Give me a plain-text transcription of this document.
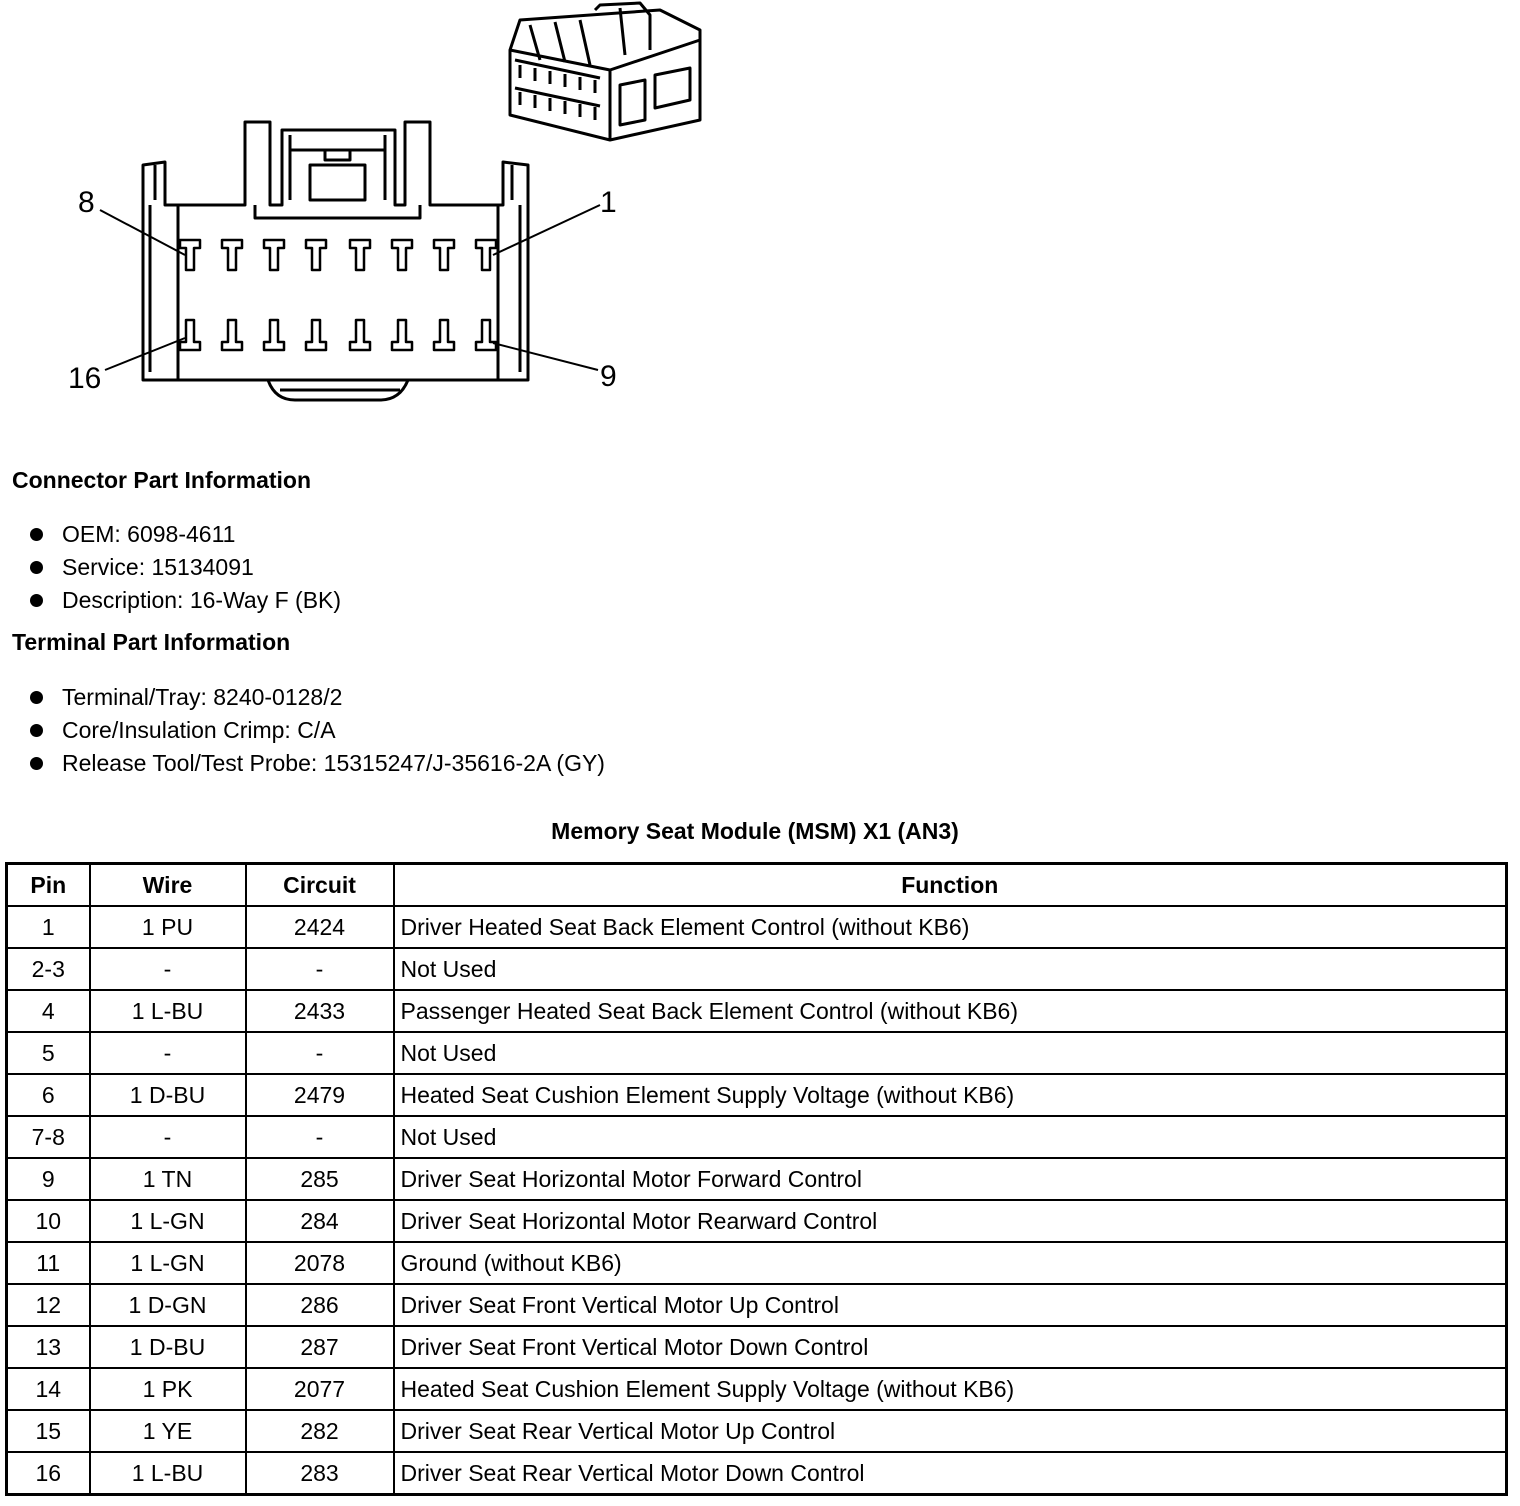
8	1
16	9
Connector Part Information
OEM: 6098-4611
Service: 15134091
Description: 16-Way F (BK)
Terminal Part Information
Terminal/Tray: 8240-0128/2
Core/Insulation Crimp: C/A
Release Tool/Test Probe: 15315247/J-35616-2A (GY)
Memory Seat Module (MSM) X1 (AN3)
Pin	Wire	Circuit	Function
1	1 PU	2424	Driver Heated Seat Back Element Control (without KB6)
2-3	-	-	Not Used
4	1 L-BU	2433	Passenger Heated Seat Back Element Control (without KB6)
5	-	-	Not Used
6	1 D-BU	2479	Heated Seat Cushion Element Supply Voltage (without KB6)
7-8	-	-	Not Used
9	1 TN	285	Driver Seat Horizontal Motor Forward Control
10	1 L-GN	284	Driver Seat Horizontal Motor Rearward Control
11	1 L-GN	2078	Ground (without KB6)
12	1 D-GN	286	Driver Seat Front Vertical Motor Up Control
13	1 D-BU	287	Driver Seat Front Vertical Motor Down Control
14	1 PK	2077	Heated Seat Cushion Element Supply Voltage (without KB6)
15	1 YE	282	Driver Seat Rear Vertical Motor Up Control
16	1 L-BU	283	Driver Seat Rear Vertical Motor Down Control
